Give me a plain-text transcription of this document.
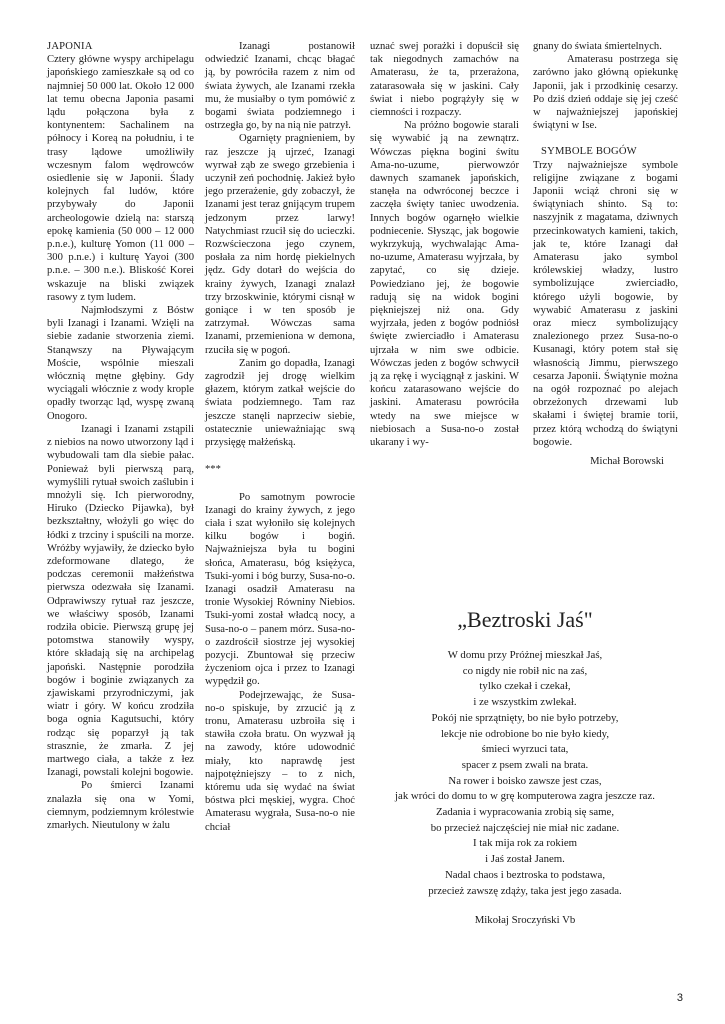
JAPONIA

Cztery główne wyspy archipelagu japońskiego zamieszkałe są od co najmniej 50 000 lat. Około 12 000 lat temu obecna Japonia pasami lądu połączona była z kontynentem: Sachalinem na północy i Koreą na południu, i te trasy lądowe umożliwiły wczesnym falom wędrowców osiedlenie się w Japonii. Ślady kolejnych fal ludów, które przybywały do Japonii archeologowie dzielą na: starszą epokę kamienia (50 000 – 12 000 p.n.e.), kulturę Yomon (11 000 – 300 p.n.e.) i kulturę Yayoi (300 p.n.e. – 300 n.e.). Bliskość Korei wskazuje na bliski związek rasowy z tym ludem.

Najmłodszymi z Bóstw byli Izanagi i Izanami. Wzięli na siebie zadanie stworzenia ziemi. Stanąwszy na Pływającym Moście, wspólnie mieszali włócznią mętne głębiny. Gdy wyciągali włócznie z wody krople opadły tworząc ląd, wyspę zwaną Onogoro.

Izanagi i Izanami zstąpili z niebios na nowo utworzony ląd i wybudowali tam dla siebie pałac. Ponieważ byli pierwszą parą, wymyślili rytuał swoich zaślubin i mnożyli się. Ich pierworodny, Hiruko (Dziecko Pijawka), był bezkształtny, włożyli go więc do łódki z trzciny i spuścili na morze. Wróżby wyjawiły, że dziecko było zdeformowane dlatego, że podczas ceremonii małżeństwa pierwsza odezwała się Izanami. Odprawiwszy rytuał raz jeszcze, we właściwy sposób, Izanami rodziła obicie. Pierwszą grupę jej potomstwa stanowiły wyspy, które składają się na archipelag japoński. Następnie porodziła bogów i boginie związanych za zjawiskami przyrodniczymi, jak wiatr i góry. W końcu zrodziła boga ognia Kagutsuchi, który rodząc się poparzył ją tak strasznie, że zmarła. Z jej martwego ciała, a także z łez Izanagi, powstali kolejni bogowie.

Po śmierci Izanami znalazła się ona w Yomi, ciemnym, podziemnym królestwie zmarłych. Nieutulony w żalu

Izanagi postanowił odwiedzić Izanami, chcąc błagać ją, by powróciła razem z nim od świata żywych, ale Izanami rzekła mu, że musiałby o tym pomówić z bogami świata podziemnego i ostrzegła go, by na nią nie patrzył.

Ogarnięty pragnieniem, by raz jeszcze ją ujrzeć, Izanagi wyrwał ząb ze swego grzebienia i uczynił zeń pochodnię. Jakież było jego przerażenie, gdy zobaczył, że Izanami jest teraz gnijącym trupem jedzonym przez larwy! Natychmiast rzucił się do ucieczki. Rozwścieczona jego czynem, posłała za nim hordę piekielnych jędz. Gdy dotarł do wejścia do krainy żywych, Izanagi znalazł trzy brzoskwinie, którymi cisnął w goniące i w ten sposób je zatrzymał. Wówczas sama Izanami, przemieniona w demona, rzuciła się w pogoń.

Zanim go dopadła, Izanagi zagrodził jej drogę wielkim głazem, którym zatkał wejście do świata podziemnego. Tam raz jeszcze stanęli naprzeciw siebie, ostatecznie unieważniając swą przysięgę małżeńską.

***

Po samotnym powrocie Izanagi do krainy żywych, z jego ciała i szat wyłoniło się kolejnych kilku bogów i bogiń. Najważniejsza była tu bogini słońca, Amaterasu, bóg księżyca, Tsuki-yomi i bóg burzy, Susa-no-o. Izanagi osadził Amaterasu na tronie Wysokiej Równiny Niebios. Tsuki-yomi został władcą nocy, a Susa-no-o – panem mórz. Susa-no-o zazdrościł siostrze jej wysokiej pozycji. Zbuntował się przeciw życzeniom ojca i przez to Izanagi wypędził go.

Podejrzewając, że Susa-no-o spiskuje, by zrzucić ją z tronu, Amaterasu uzbroiła się i stawiła czoła bratu. On wyzwał ją na zawody, które udowodnić miały, kto naprawdę jest najpotężniejszy – to z nich, któremu uda się wydać na świat bóstwa płci męskiej, wygra. Choć Amaterasu wygrała, Susa-no-o nie chciał

uznać swej porażki i dopuścił się tak niegodnych zamachów na Amaterasu, że ta, przerażona, zatarasowała się w jaskini. Cały świat i niebo pogrążyły się w ciemności i rozpaczy.

Na próżno bogowie starali się wywabić ją na zewnątrz. Wówczas piękna bogini śwítu Ama-no-uzume, pierwowzór dawnych szamanek japońskich, stanęła na odwróconej beczce i zaczęła święty taniec uwodzenia. Innych bogów ogarnęło wielkie podniecenie. Słysząc, jak bogowie wykrzykują, wychwalając Ama-no-uzume, Amaterasu wyjrzała, by zapytać, co się dzieje. Powiedziano jej, że bogowie radują się na widok bogini piękniejszej niż ona. Gdy wyjrzała, jeden z bogów podniósł święte zwierciadło i Amaterasu ujrzała w nim swe odbicie. Wówczas jeden z bogów schwycił ją za rękę i wyciągnął z jaskini. W końcu zatarasowano wejście do jaskini. Amaterasu powróciła wtedy na swe miejsce w niebiosach a Susa-no-o został ukarany i wy-

gnany do świata śmiertelnych.

Amaterasu postrzega się zarówno jako główną opiekunkę Japonii, jak i przodkinię cesarzy. Po dziś dzień oddaje się jej cześć w najważniejszej japońskiej świątyni w Ise.

SYMBOLE BOGÓW

Trzy najważniejsze symbole religijne związane z bogami Japonii wciąż chroni się w świątyniach shinto. Są to: naszyjnik z magatama, dziwnych przecinkowatych kamieni, takich, jak te, które Izanagi dał Amaterasu jako symbol królewskiej władzy, lustro symbolizujące zwierciadło, którego użyli bogowie, by wywabić Amaterasu z jaskini oraz miecz symbolizujący znalezionego przez Susa-no-o Kusanagi, który potem stał się własnością Jimmu, pierwszego cesarza Japonii. Świątynie można na ogół rozpoznać po alejach obrzeżonych drzewami lub skałami i świętej bramie torii, przez którą wchodzą do świątyni bogowie.

Michał Borowski

„Beztroski Jaś"
W domu przy Próżnej mieszkał Jaś,
co nigdy nie robił nic na zaś,
tylko czekał i czekał,
i ze wszystkim zwlekał.
Pokój nie sprzątnięty, bo nie było potrzeby,
lekcje nie odrobione bo nie było kiedy,
śmieci wyrzuci tata,
spacer z psem zwali na brata.
Na rower i boisko zawsze jest czas,
jak wróci do domu to w grę komputerowa zagra jeszcze raz.
Zadania i wypracowania zrobią się same,
bo przecież najczęściej nie miał nic zadane.
I tak mija rok za rokiem
i Jaś został Janem.
Nadal chaos i beztroska to podstawa,
przecież zawszę zdąży, taka jest jego zasada.
Mikołaj Sroczyński Vb
3
